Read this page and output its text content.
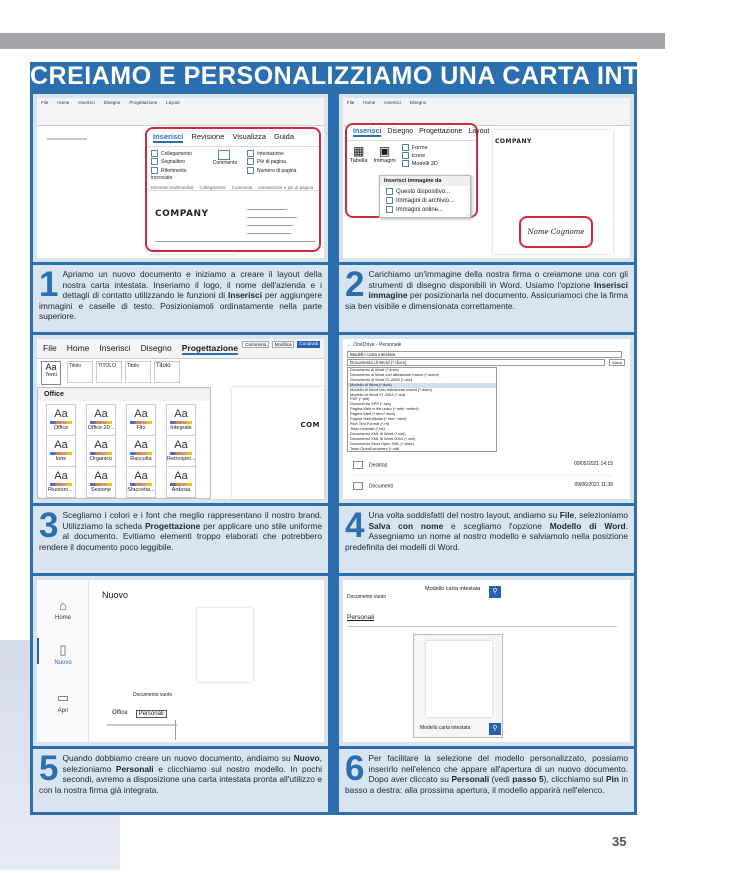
CREIAMO E PERSONALIZZIAMO UNA CARTA INTESTATA
File Home Inserisci Disegno Progettazione Layout
Inserisci Revisione Visualizza Guida
Collegamento
Segnalibro
Riferimento incrociato

Commento
Intestazione
Piè di pagina
Numero di pagina
Elementi multimediali Collegamenti Commenti Intestazione e piè di pagina
COMPANY
File Home Inserisci Disegno
Inserisci Disegno Progettazione Layout
▦
Tabella
▣
Immagini
Forme
Icone
Modelli 3D
Inserisci immagine da
Questo dispositivo...
Immagini di archivio...
Immagini online...
COMPANY
Nome Cognome
1 Apriamo un nuovo documento e iniziamo a creare il layout della nostra carta intestata. Inseriamo il logo, il nome dell'azienda e i dettagli di contatto utilizzando le funzioni di Inserisci per aggiungere immagini e caselle di testo. Posizioniamoli ordinatamente nella parte superiore.
2 Carichiamo un'immagine della nostra firma o creiamone una con gli strumenti di disegno disponibili in Word. Usiamo l'opzione Inserisci immagine per posizionarla nel documento. Assicuriamoci che la firma sia ben visibile e dimensionata correttamente.
File Home Inserisci Disegno Progettazione	Commenti	Modifica	Condividi
Aa
Temi
Titolo	TITOLO	Titolo	Titolo
Office
Aa
Office
Aa
Office 20...
Aa
Filo
Aa
Integrale
Aa
Ione
Aa
Organico
Aa
Raccolta
Aa
Retrospet...
Aa
Riunioni ...
Aa
Sezione
Aa
Sfaccetta...
Aa
Ardesia
COM
← OneDrive - Personale
Modello carta intestata
Documento di Word (*.docx)	Salva
Documento di Word (*.docx)
Documento di Word con attivazione macro (*.docm)
Documento di Word 97-2003 (*.doc)
Modello di Word (*.dotx)
Modello di Word con attivazione macro (*.dotm)
Modello di Word 97-2003 (*.dot)
PDF (*.pdf)
Documento XPS (*.xps)
Pagina Web in file unico (*.mht;*.mhtml)
Pagina Web (*.htm;*.html)
Pagina Web filtrata (*.htm;*.html)
Rich Text Format (*.rtf)
Testo normale (*.txt)
Documento XML di Word (*.xml)
Documento XML di Word 2003 (*.xml)
Documento Strict Open XML (*.docx)
Testo OpenDocument (*.odt)
Desktop	09/05/2021 14:15
Documenti	09/06/2021 11:38
3 Scegliamo i colori e i font che meglio rappresentano il nostro brand. Utilizziamo la scheda Progettazione per applicare uno stile uniforme al documento. Evitiamo elementi troppo elaborati che potrebbero rendere il documento poco leggibile.
4 Una volta soddisfatti del nostro layout, andiamo su File, selezioniamo Salva con nome e scegliamo l'opzione Modello di Word. Assegniamo un nome al nostro modello e salviamolo nella posizione predefinita dei modelli di Word.
⌂
Home
▯
Nuovo
▭
Apri
Nuovo
Documento vuoto
Office	Personali
Documento vuoto
Modello carta intestata	⚲
Personali
Modello carta intestata	⚲
5 Quando dobbiamo creare un nuovo documento, andiamo su Nuovo, selezioniamo Personali e clicchiamo sul nostro modello. In pochi secondi, avremo a disposizione una carta intestata pronta all'utilizzo e con la nostra firma già integrata.
6 Per facilitare la selezione del modello personalizzato, possiamo inserirlo nell'elenco che appare all'apertura di un nuovo documento. Dopo aver cliccato su Personali (vedi passo 5), clicchiamo sul Pin in basso a destra: alla prossima apertura, il modello apparirà nell'elenco.
35
